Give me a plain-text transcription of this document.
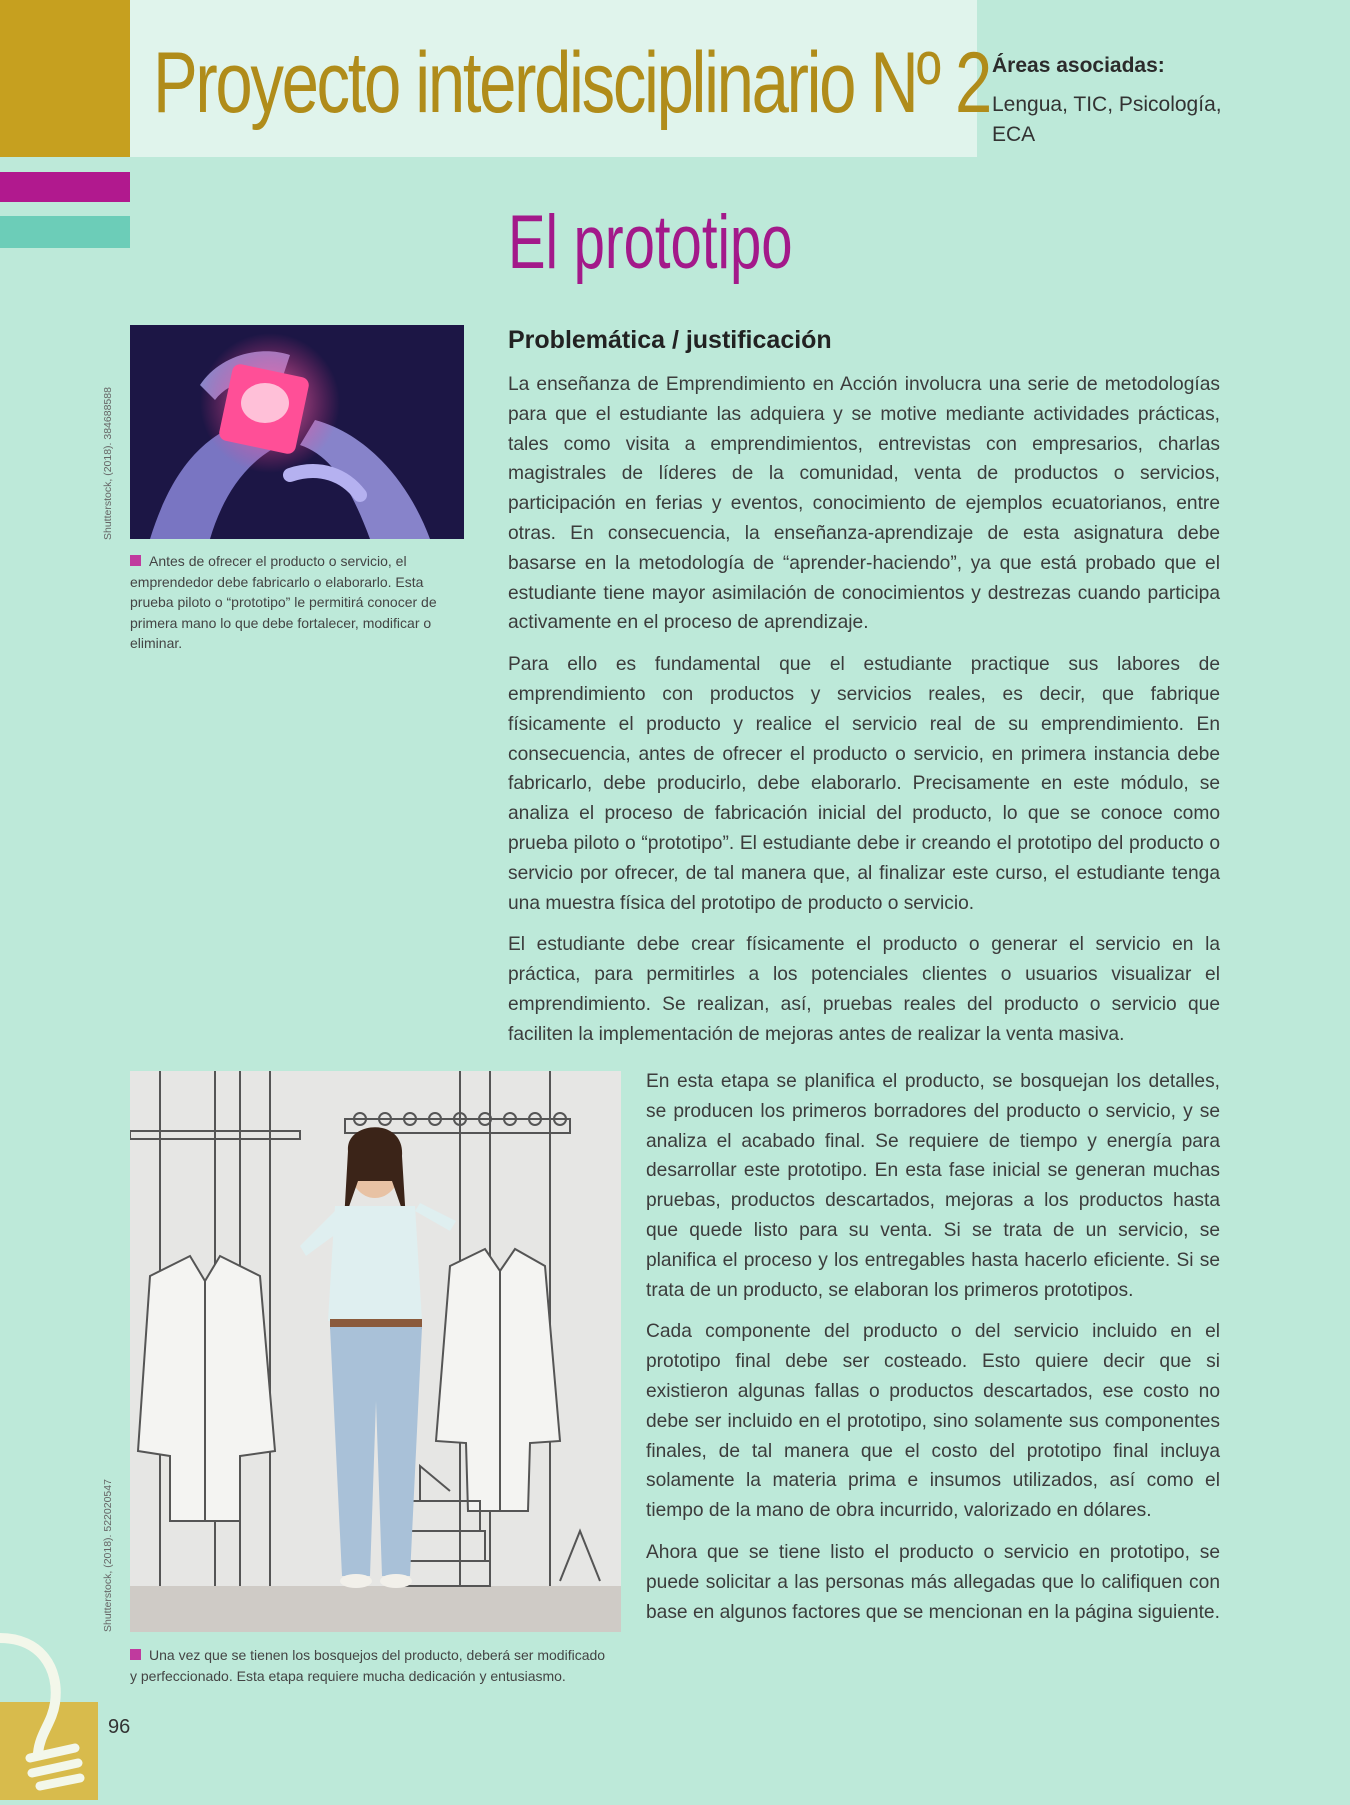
Proyecto interdisciplinario Nº 2 Áreas asociadas:
Lengua, TIC, Psicología, ECA
El prototipo
Problemática / justificación

La enseñanza de Emprendimiento en Acción involucra una serie de metodologías para que el estudiante las adquiera y se motive mediante actividades prácticas, tales como visita a emprendimientos, entrevistas con empresarios, charlas magistrales de líderes de la comunidad, venta de productos o servicios, participación en ferias y eventos, conocimiento de ejemplos ecuatorianos, entre otras. En consecuencia, la enseñanza-aprendizaje de esta asignatura debe basarse en la metodología de “aprender-haciendo”, ya que está probado que el estudiante tiene mayor asimilación de conocimientos y destrezas cuando participa activamente en el proceso de aprendizaje.

Para ello es fundamental que el estudiante practique sus labores de emprendimiento con productos y servicios reales, es decir, que fabrique físicamente el producto y realice el servicio real de su emprendimiento. En consecuencia, antes de ofrecer el producto o servicio, en primera instancia debe fabricarlo, debe producirlo, debe elaborarlo. Precisamente en este módulo, se analiza el proceso de fabricación inicial del producto, lo que se conoce como prueba piloto o “prototipo”. El estudiante debe ir creando el prototipo del producto o servicio por ofrecer, de tal manera que, al finalizar este curso, el estudiante tenga una muestra física del prototipo de producto o servicio.

El estudiante debe crear físicamente el producto o generar el servicio en la práctica, para permitirles a los potenciales clientes o usuarios visualizar el emprendimiento. Se realizan, así, pruebas reales del producto o servicio que faciliten la implementación de mejoras antes de realizar la venta masiva.

Shutterstock, (2018). 384688588
Antes de ofrecer el producto o servicio, el emprendedor debe fabricarlo o elaborarlo. Esta prueba piloto o “prototipo” le permitirá conocer de primera mano lo que debe fortalecer, modificar o eliminar.
Shutterstock, (2018). 522020547
Una vez que se tienen los bosquejos del producto, deberá ser modificado y perfeccionado. Esta etapa requiere mucha dedicación y entusiasmo.

En esta etapa se planifica el producto, se bosquejan los detalles, se producen los primeros borradores del producto o servicio, y se analiza el acabado final. Se requiere de tiempo y energía para desarrollar este prototipo. En esta fase inicial se generan muchas pruebas, productos descartados, mejoras a los productos hasta que quede listo para su venta. Si se trata de un servicio, se planifica el proceso y los entregables hasta hacerlo eficiente. Si se trata de un producto, se elaboran los primeros prototipos.

Cada componente del producto o del servicio incluido en el prototipo final debe ser costeado. Esto quiere decir que si existieron algunas fallas o productos descartados, ese costo no debe ser incluido en el prototipo, sino solamente sus componentes finales, de tal manera que el costo del prototipo final incluya solamente la materia prima e insumos utilizados, así como el tiempo de la mano de obra incurrido, valorizado en dólares.

Ahora que se tiene listo el producto o servicio en prototipo, se puede solicitar a las personas más allegadas que lo califiquen con base en algunos factores que se mencionan en la página siguiente.

96
